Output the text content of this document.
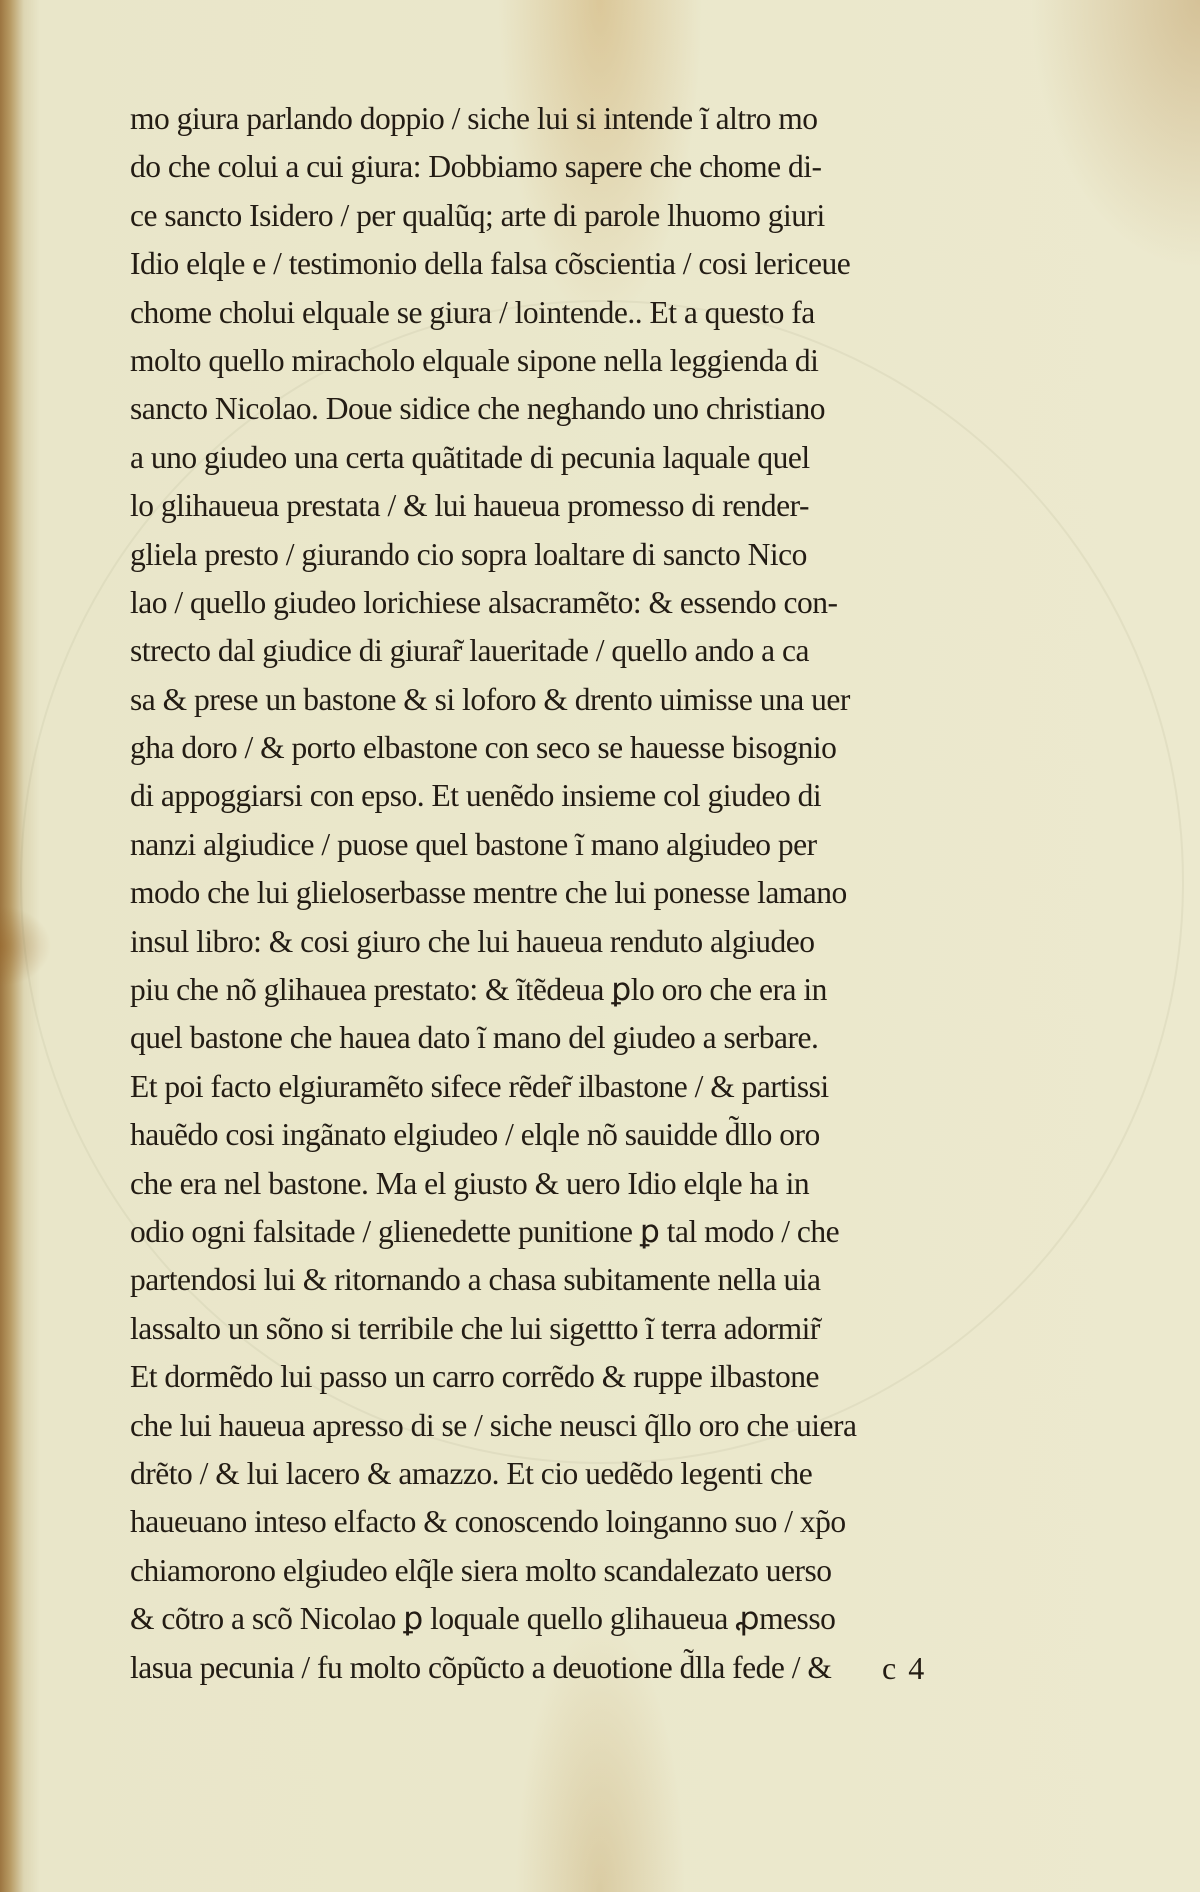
mo giura parlando doppio / siche lui si intende ĩ altro mo
do che colui a cui giura: Dobbiamo sapere che chome di-
ce sancto Isidero / per qualũq; arte di parole lhuomo giuri
Idio elqle e / testimonio della falsa cõscientia / cosi lericeue
chome cholui elquale se giura / lointende.. Et a questo fa
molto quello miracholo elquale sipone nella leggienda di
sancto Nicolao. Doue sidice che neghando uno christiano
a uno giudeo una certa quãtitade di pecunia laquale quel
lo glihaueua prestata / & lui haueua promesso di render-
gliela presto / giurando cio sopra loaltare di sancto Nico
lao / quello giudeo lorichiese alsacramẽto: & essendo con-
strecto dal giudice di giurar̃ laueritade / quello ando a ca
sa & prese un bastone & si loforo & drento uimisse una uer
gha doro / & porto elbastone con seco se hauesse bisognio
di appoggiarsi con epso. Et uenẽdo insieme col giudeo di
nanzi algiudice / puose quel bastone ĩ mano algiudeo per
modo che lui glieloserbasse mentre che lui ponesse lamano
insul libro: & cosi giuro che lui haueua renduto algiudeo
piu che nõ glihauea prestato: & ĩtẽdeua ꝑlo oro che era in
quel bastone che hauea dato ĩ mano del giudeo a serbare.
Et poi facto elgiuramẽto sifece rẽder̃ ilbastone / & partissi
hauẽdo cosi ingãnato elgiudeo / elqle nõ sauidde d̃llo oro
che era nel bastone. Ma el giusto & uero Idio elqle ha in
odio ogni falsitade / glienedette punitione ꝑ tal modo / che
partendosi lui & ritornando a chasa subitamente nella uia
lassalto un sõno si terribile che lui sigettto ĩ terra adormir̃
Et dormẽdo lui passo un carro corrẽdo & ruppe ilbastone
che lui haueua apresso di se / siche neusci q̃llo oro che uiera
drẽto / & lui lacero & amazzo. Et cio uedẽdo legenti che
haueuano inteso elfacto & conoscendo loinganno suo / xp̃o
chiamorono elgiudeo elq̃le siera molto scandalezato uerso
& cõtro a scõ Nicolao ꝑ loquale quello glihaueua ꝓmesso
lasua pecunia / fu molto cõpũcto a deuotione d̃lla fede / &	c 4
